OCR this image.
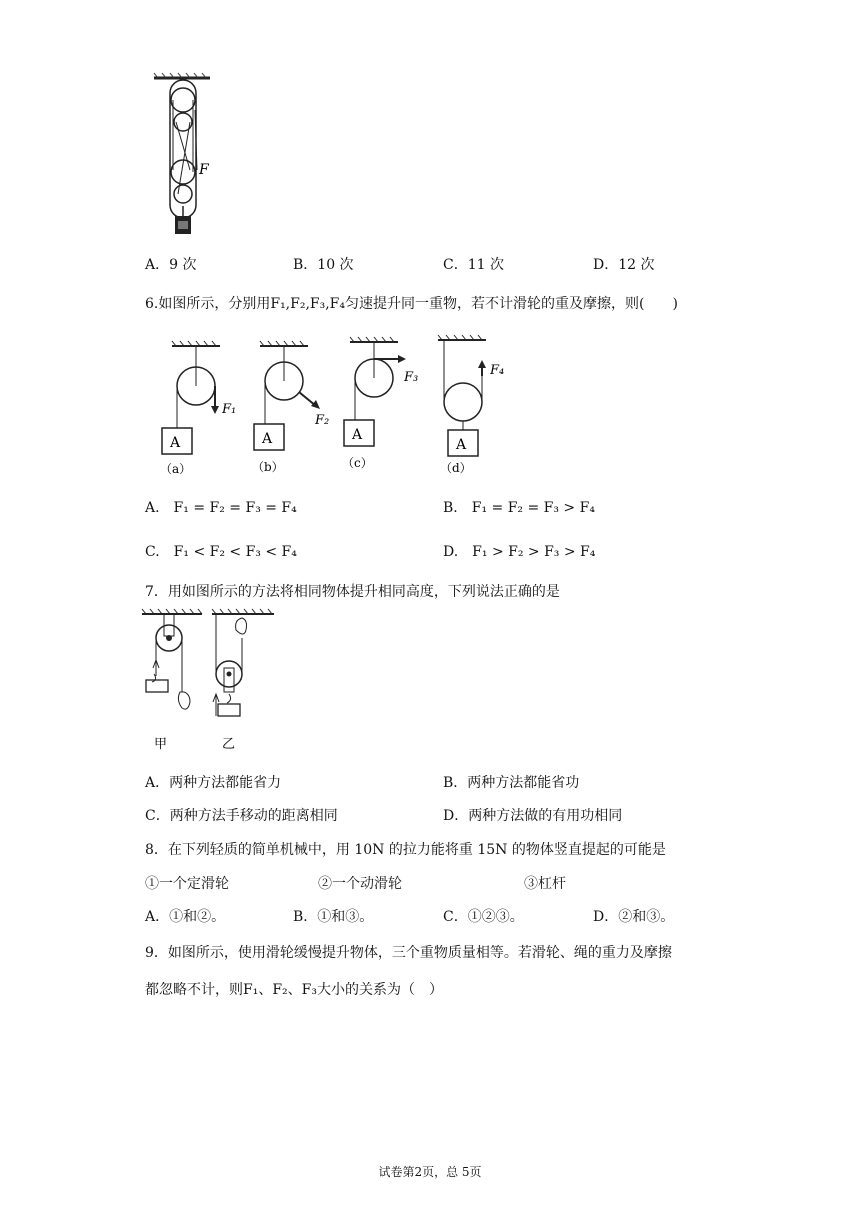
F
A．9 次	B．10 次	C．11 次	D．12 次
6.如图所示，分别用F₁,F₂,F₃,F₄匀速提升同一重物，若不计滑轮的重及摩擦，则(　　)
F₁
A
（a）
F₂
A
（b）
F₃
A
（c）
F₄
A
（d）
A.　F₁ = F₂ = F₃ = F₄	B.　F₁ = F₂ = F₃ > F₄
C.　F₁ < F₂ < F₃ < F₄	D.　F₁ > F₂ > F₃ > F₄
7．用如图所示的方法将相同物体提升相同高度，下列说法正确的是
甲	乙
A．两种方法都能省力	B．两种方法都能省功
C．两种方法手移动的距离相同	D．两种方法做的有用功相同
8．在下列轻质的简单机械中，用 10N 的拉力能将重 15N 的物体竖直提起的可能是
①一个定滑轮	②一个动滑轮	③杠杆
A．①和②。	B．①和③。	C．①②③。	D．②和③。
9．如图所示，使用滑轮缓慢提升物体，三个重物质量相等。若滑轮、绳的重力及摩擦
都忽略不计，则F₁、F₂、F₃大小的关系为（　）
试卷第2页，总 5页
